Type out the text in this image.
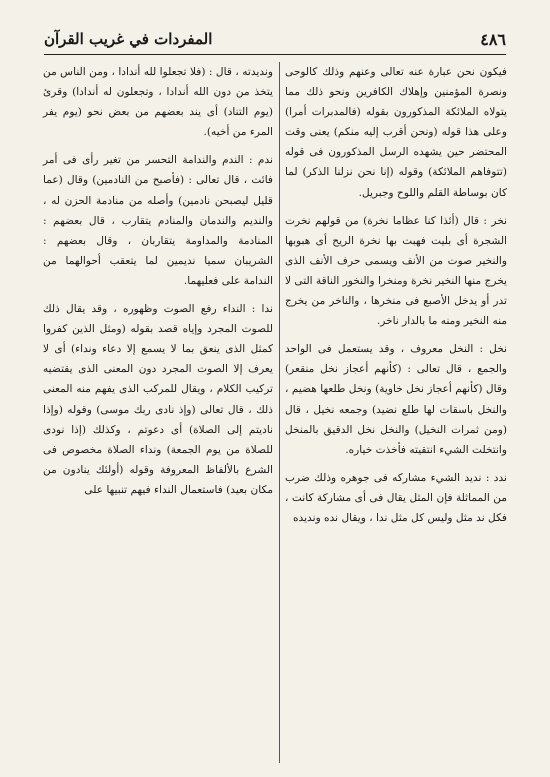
٤٨٦
المفردات في غريب القرآن

فيكون نحن عبارة عنه تعالى وعنهم وذلك كالوحى ونصرة المؤمنين وإهلاك الكافرين ونحو ذلك مما يتولاه الملائكة المذكورون بقوله (فالمدبرات أمرا) وعلى هذا قوله (ونحن أقرب إليه منكم) يعنى وقت المحتضر حين يشهده الرسل المذكورون فى قوله (تتوفاهم الملائكة) وقوله (إنا نحن نزلنا الذكر) لما كان بوساطة القلم واللوح وجبريل.

نخر : قال (أئذا كنا عظاما نخرة) من قولهم نخرت الشجرة أى بليت فهبت بها نخرة الريح أى هبوبها والنخير صوت من الأنف ويسمى حرف الأنف الذى يخرج منها النخير نخرة ومنخرا والنخور الناقة التى لا تدر أو يدخل الأصبع فى منخرها ، والناخر من يخرج منه النخير ومنه ما بالدار ناخر.

نخل : النخل معروف ، وقد يستعمل فى الواحد والجمع ، قال تعالى : (كأنهم أعجاز نخل منقعر) وقال (كأنهم أعجاز نخل خاوية) ونخل طلعها هضيم ، والنخل باسقات لها طلع نضيد) وجمعه نخيل ، قال (ومن ثمرات النخيل) والنخل نخل الدقيق بالمنخل وانتخلت الشيء انتقيته فأخذت خياره.

ندد : نديد الشيء مشاركه فى جوهره وذلك ضرب من المماثلة فإن المثل يقال فى أى مشاركة كانت ، فكل ند مثل وليس كل مثل ندا ، ويقال نده ونديده

ونديدته ، قال : (فلا تجعلوا لله أندادا ، ومن الناس من يتخذ من دون الله أندادا ، وتجعلون له أندادا) وقرئ (يوم التناد) أى يند بعضهم من بعض نحو (يوم يفر المرء من أخيه).

ندم : الندم والندامة التحسر من تغير رأى فى أمر فائت ، قال تعالى : (فأصبح من النادمين) وقال (عما قليل ليصبحن نادمين) وأصله من منادمة الحزن له ، والنديم والندمان والمنادم يتقارب ، قال بعضهم : المنادمة والمداومة يتقاربان ، وقال بعضهم : الشريبان سميا نديمين لما يتعقب أحوالهما من الندامة على فعليهما.

ندا : النداء رفع الصوت وظهوره ، وقد يقال ذلك للصوت المجرد وإياه قصد بقوله (ومثل الذين كفروا كمثل الذى ينعق بما لا يسمع إلا دعاء ونداء) أى لا يعرف إلا الصوت المجرد دون المعنى الذى يقتضيه تركيب الكلام ، ويقال للمركب الذى يفهم منه المعنى ذلك ، قال تعالى (وإذ نادى ربك موسى) وقوله (وإذا ناديتم إلى الصلاة) أى دعوتم ، وكذلك (إذا نودى للصلاة من يوم الجمعة) ونداء الصلاة مخصوص فى الشرع بالألفاظ المعروفة وقوله (أولئك ينادون من مكان بعيد) فاستعمال النداء فيهم تنبيها على
